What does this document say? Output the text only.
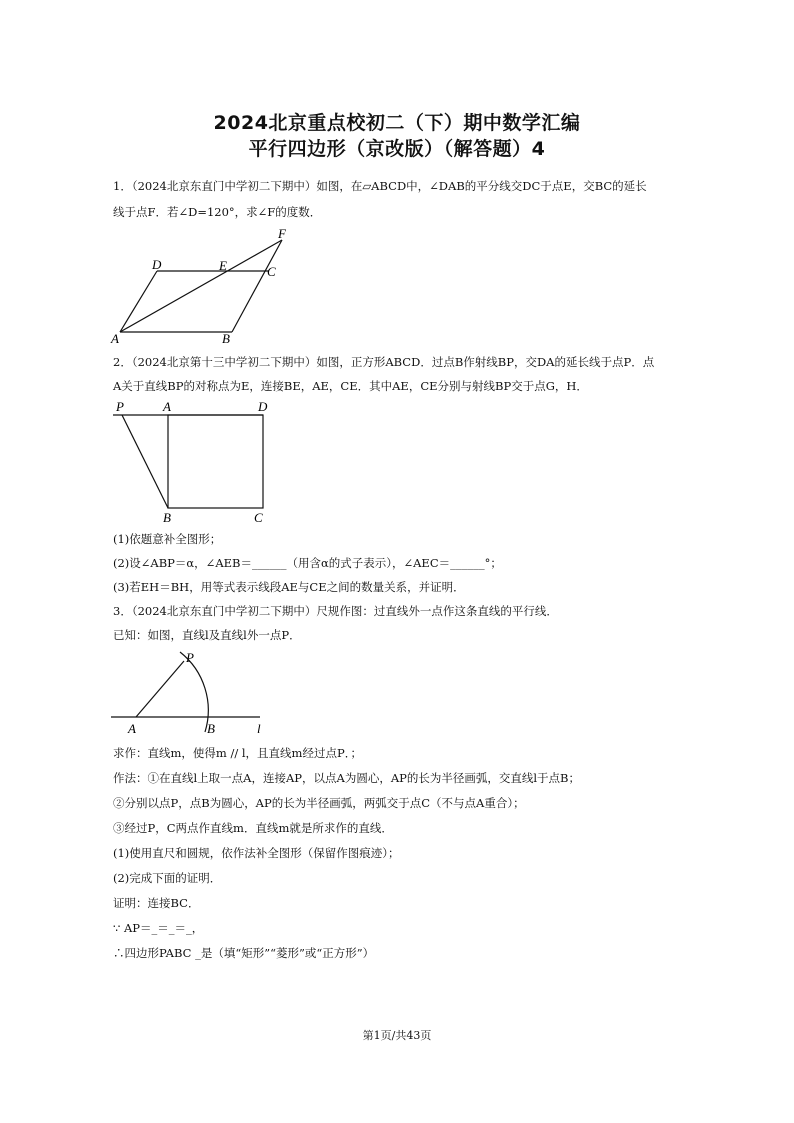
2024北京重点校初二（下）期中数学汇编
平行四边形（京改版）（解答题）4
1．（2024北京东直门中学初二下期中）如图，在▱ABCD中，∠DAB的平分线交DC于点E，交BC的延长
线于点F．若∠D=120°，求∠F的度数．
A	B
C
D	E
F
2．（2024北京第十三中学初二下期中）如图，正方形ABCD．过点B作射线BP，交DA的延长线于点P．点
A关于直线BP的对称点为E，连接BE，AE，CE．其中AE，CE分别与射线BP交于点G，H．
P	A	D
B	C
(1)依题意补全图形；
(2)设∠ABP＝α，∠AEB＝______（用含α的式子表示），∠AEC＝______°；
(3)若EH＝BH，用等式表示线段AE与CE之间的数量关系，并证明．
3．（2024北京东直门中学初二下期中）尺规作图：过直线外一点作这条直线的平行线．
已知：如图，直线l及直线l外一点P．
P
A	B	l
求作：直线m，使得m // l，且直线m经过点P．；
作法：①在直线l上取一点A，连接AP，以点A为圆心，AP的长为半径画弧，交直线l于点B；
②分别以点P，点B为圆心，AP的长为半径画弧，两弧交于点C（不与点A重合）；
③经过P，C两点作直线m．直线m就是所求作的直线．
(1)使用直尺和圆规，依作法补全图形（保留作图痕迹）；
(2)完成下面的证明．
证明：连接BC．
∵ AP＝_＝_＝_，
∴四边形PABC _是（填“矩形”“菱形”或“正方形”）
第1页/共43页
